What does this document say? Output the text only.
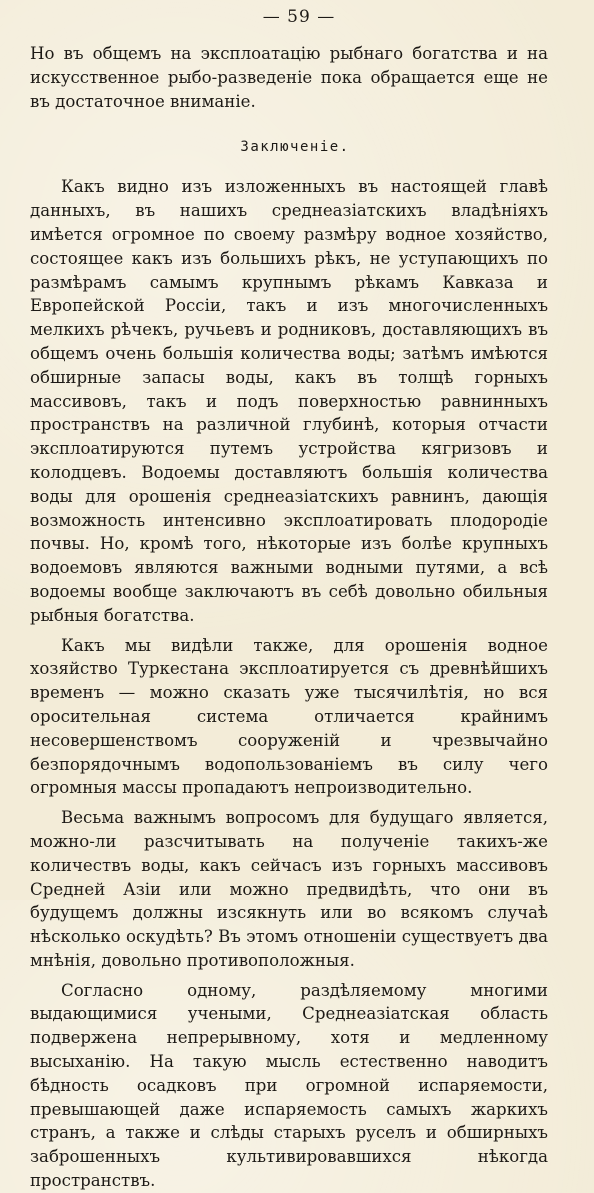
— 59 —

Но въ общемъ на эксплоатацію рыбнаго богатства и на искусственное рыбо-разведеніе пока обращается еще не въ достаточное вниманіе.

Заключеніе.

Какъ видно изъ изложенныхъ въ настоящей главѣ данныхъ, въ нашихъ среднеазіатскихъ владѣніяхъ имѣется огромное по своему размѣру водное хозяйство, состоящее какъ изъ большихъ рѣкъ, не уступающихъ по размѣрамъ самымъ крупнымъ рѣкамъ Кавказа и Европейской Россіи, такъ и изъ многочисленныхъ мелкихъ рѣчекъ, ручьевъ и родниковъ, доставляющихъ въ общемъ очень большія количества воды; затѣмъ имѣются обширные запасы воды, какъ въ толщѣ горныхъ массивовъ, такъ и подъ поверхностью равнинныхъ пространствъ на различной глубинѣ, которыя отчасти эксплоатируются путемъ устройства кягризовъ и колодцевъ. Водоемы доставляютъ большія количества воды для орошенія среднеазіатскихъ равнинъ, дающія возможность интенсивно эксплоатировать плодородіе почвы. Но, кромѣ того, нѣкоторые изъ болѣе крупныхъ водоемовъ являются важными водными путями, а всѣ водоемы вообще заключаютъ въ себѣ довольно обильныя рыбныя богатства.

Какъ мы видѣли также, для орошенія водное хозяйство Туркестана эксплоатируется съ древнѣйшихъ временъ — можно сказать уже тысячилѣтія, но вся оросительная система отличается крайнимъ несовершенствомъ сооруженій и чрезвычайно безпорядочнымъ водопользованіемъ въ силу чего огромныя массы пропадаютъ непроизводительно.

Весьма важнымъ вопросомъ для будущаго является, можно-ли разсчитывать на полученіе такихъ-же количествъ воды, какъ сейчасъ изъ горныхъ массивовъ Средней Азіи или можно предвидѣть, что они въ будущемъ должны изсякнуть или во всякомъ случаѣ нѣсколько оскудѣть? Въ этомъ отношеніи существуетъ два мнѣнія, довольно противоположныя.

Согласно одному, раздѣляемому многими выдающимися учеными, Среднеазіатская область подвержена непрерывному, хотя и медленному высыханію. На такую мысль естественно наводитъ бѣдность осадковъ при огромной испаряемости, превышающей даже испаряемость самыхъ жаркихъ странъ, а также и слѣды старыхъ руселъ и обширныхъ заброшенныхъ культивировавшихся нѣкогда пространствъ.
